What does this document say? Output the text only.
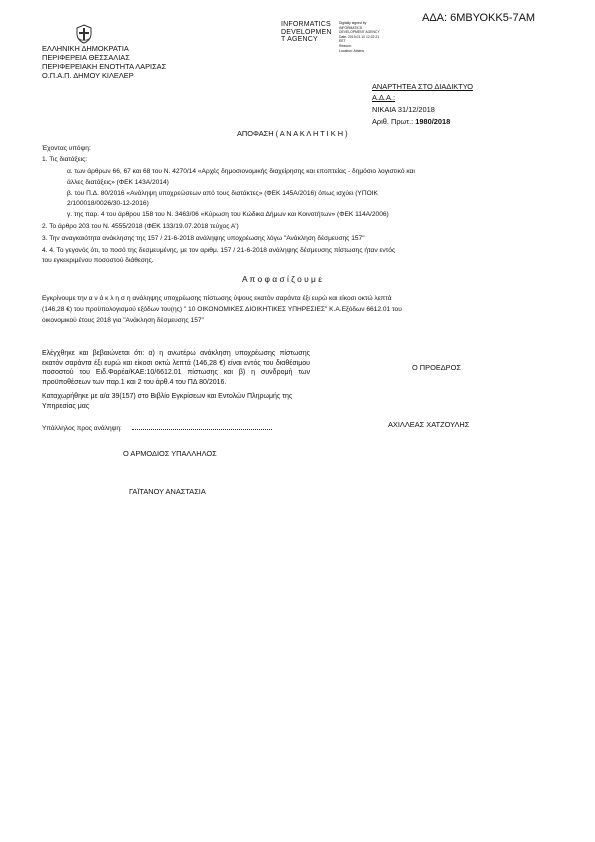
ΑΔΑ: 6ΜΒΥΟΚΚ5-7ΑΜ
INFORMATICS
DEVELOPMEN
T AGENCY
Digitally signed by
INFORMATICS
DEVELOPMENT AGENCY
Date: 2019.01.10 12:22:21
EET
Reason:
Location: Athens
ΕΛΛΗΝΙΚΗ ΔΗΜΟΚΡΑΤΙΑ
ΠΕΡΙΦΕΡΕΙΑ ΘΕΣΣΑΛΙΑΣ
ΠΕΡΙΦΕΡΕΙΑΚΗ ΕΝΟΤΗΤΑ ΛΑΡΙΣΑΣ
Ο.Π.Α.Π. ΔΗΜΟΥ ΚΙΛΕΛΕΡ
ΑΝΑΡΤΗΤΕΑ ΣΤΟ ΔΙΑΔΙΚΤΥΟ
Α.Δ.Α.:
ΝΙΚΑΙΑ 31/12/2018
Αριθ. Πρωτ.: 1980/2018
ΑΠΟΦΑΣΗ ( Α Ν Α Κ Λ Η Τ Ι Κ Η )
Έχοντας υπόψη:
1. Τις διατάξεις:
α. των άρθρων 66, 67 και 68 του Ν. 4270/14 «Αρχές δημοσιονομικής διαχείρησης και εποπτείας - δημόσιο λογιστικό και
άλλες διατάξεις» (ΦΕΚ 143Α/2014)
β. του Π.Δ. 80/2016 «Ανάληψη υποχρεώσεων από τους διατάκτες» (ΦΕΚ 145Α/2016) όπως ισχύει (ΥΠΟΙΚ
2/100018/0026/30-12-2016)
γ. της παρ. 4 του άρθρου 158 του Ν. 3463/06 «Κύρωση του Κώδικα Δήμων και Κοινοτήτων» (ΦΕΚ 114Α/2006)
2. Το άρθρο 203 του Ν. 4555/2018 (ΦΕΚ 133/19.07.2018 τεύχος Α')
3. Την αναγκαιότητα ανάκλησης της 157 / 21-6-2018 ανάληψης υποχρέωσης λόγω "Ανάκληση δέσμευσης 157"
4. 4. Το γεγονός ότι, το ποσό της δεσμευμένης, με τον αριθμ. 157 / 21-6-2018 ανάληψης δέσμευσης πίστωσης ήταν εντός
του εγκεκριμένου ποσοστού διάθεσης.
Α π ο φ α σ ί ζ ο υ μ ε
Εγκρίνουμε την α ν ά κ λ η σ η ανάληψης υποχρέωσης πίστωσης ύψους εκατόν σαράντα έξι ευρώ και είκοσι οκτώ λεπτά
(146,28 €) του προϋπολογισμού εξόδων του(ης) " 10 ΟΙΚΟΝΟΜΙΚΕΣ ΔΙΟΙΚΗΤΙΚΕΣ ΥΠΗΡΕΣΙΕΣ" Κ.Α.Εξόδων 6612.01 του
οικονομικού έτους 2018 για "Ανάκληση δέσμευσης 157"
Ελέγχθηκε και βεβαιώνεται ότι: α) η ανωτέρω ανάκληση υποχρέωσης πίστωσης εκατόν σαράντα έξι ευρώ και είκοσι οκτώ λεπτά (146,28 €) είναι εντός του διαθέσιμου ποσοστού του Ειδ.Φορέα/ΚΑΕ:10/6612.01 πίστωσης και β) η συνδρομή των προϋποθέσεων των παρ.1 και 2 του άρθ.4 του ΠΔ 80/2016.
Καταχωρήθηκε με α/α 39(157) στο Βιβλίο Εγκρίσεων και Εντολών Πληρωμής της Υπηρεσίας μας
Υπάλληλος πρoς ανάληψη:
Ο ΠΡΟΕΔΡΟΣ
ΑΧΙΛΛΕΑΣ ΧΑΤΖΟΥΛΗΣ
Ο ΑΡΜΟΔΙΟΣ ΥΠΑΛΛΗΛΟΣ
ΓΑΪΤΑΝΟΥ ΑΝΑΣΤΑΣΙΑ
